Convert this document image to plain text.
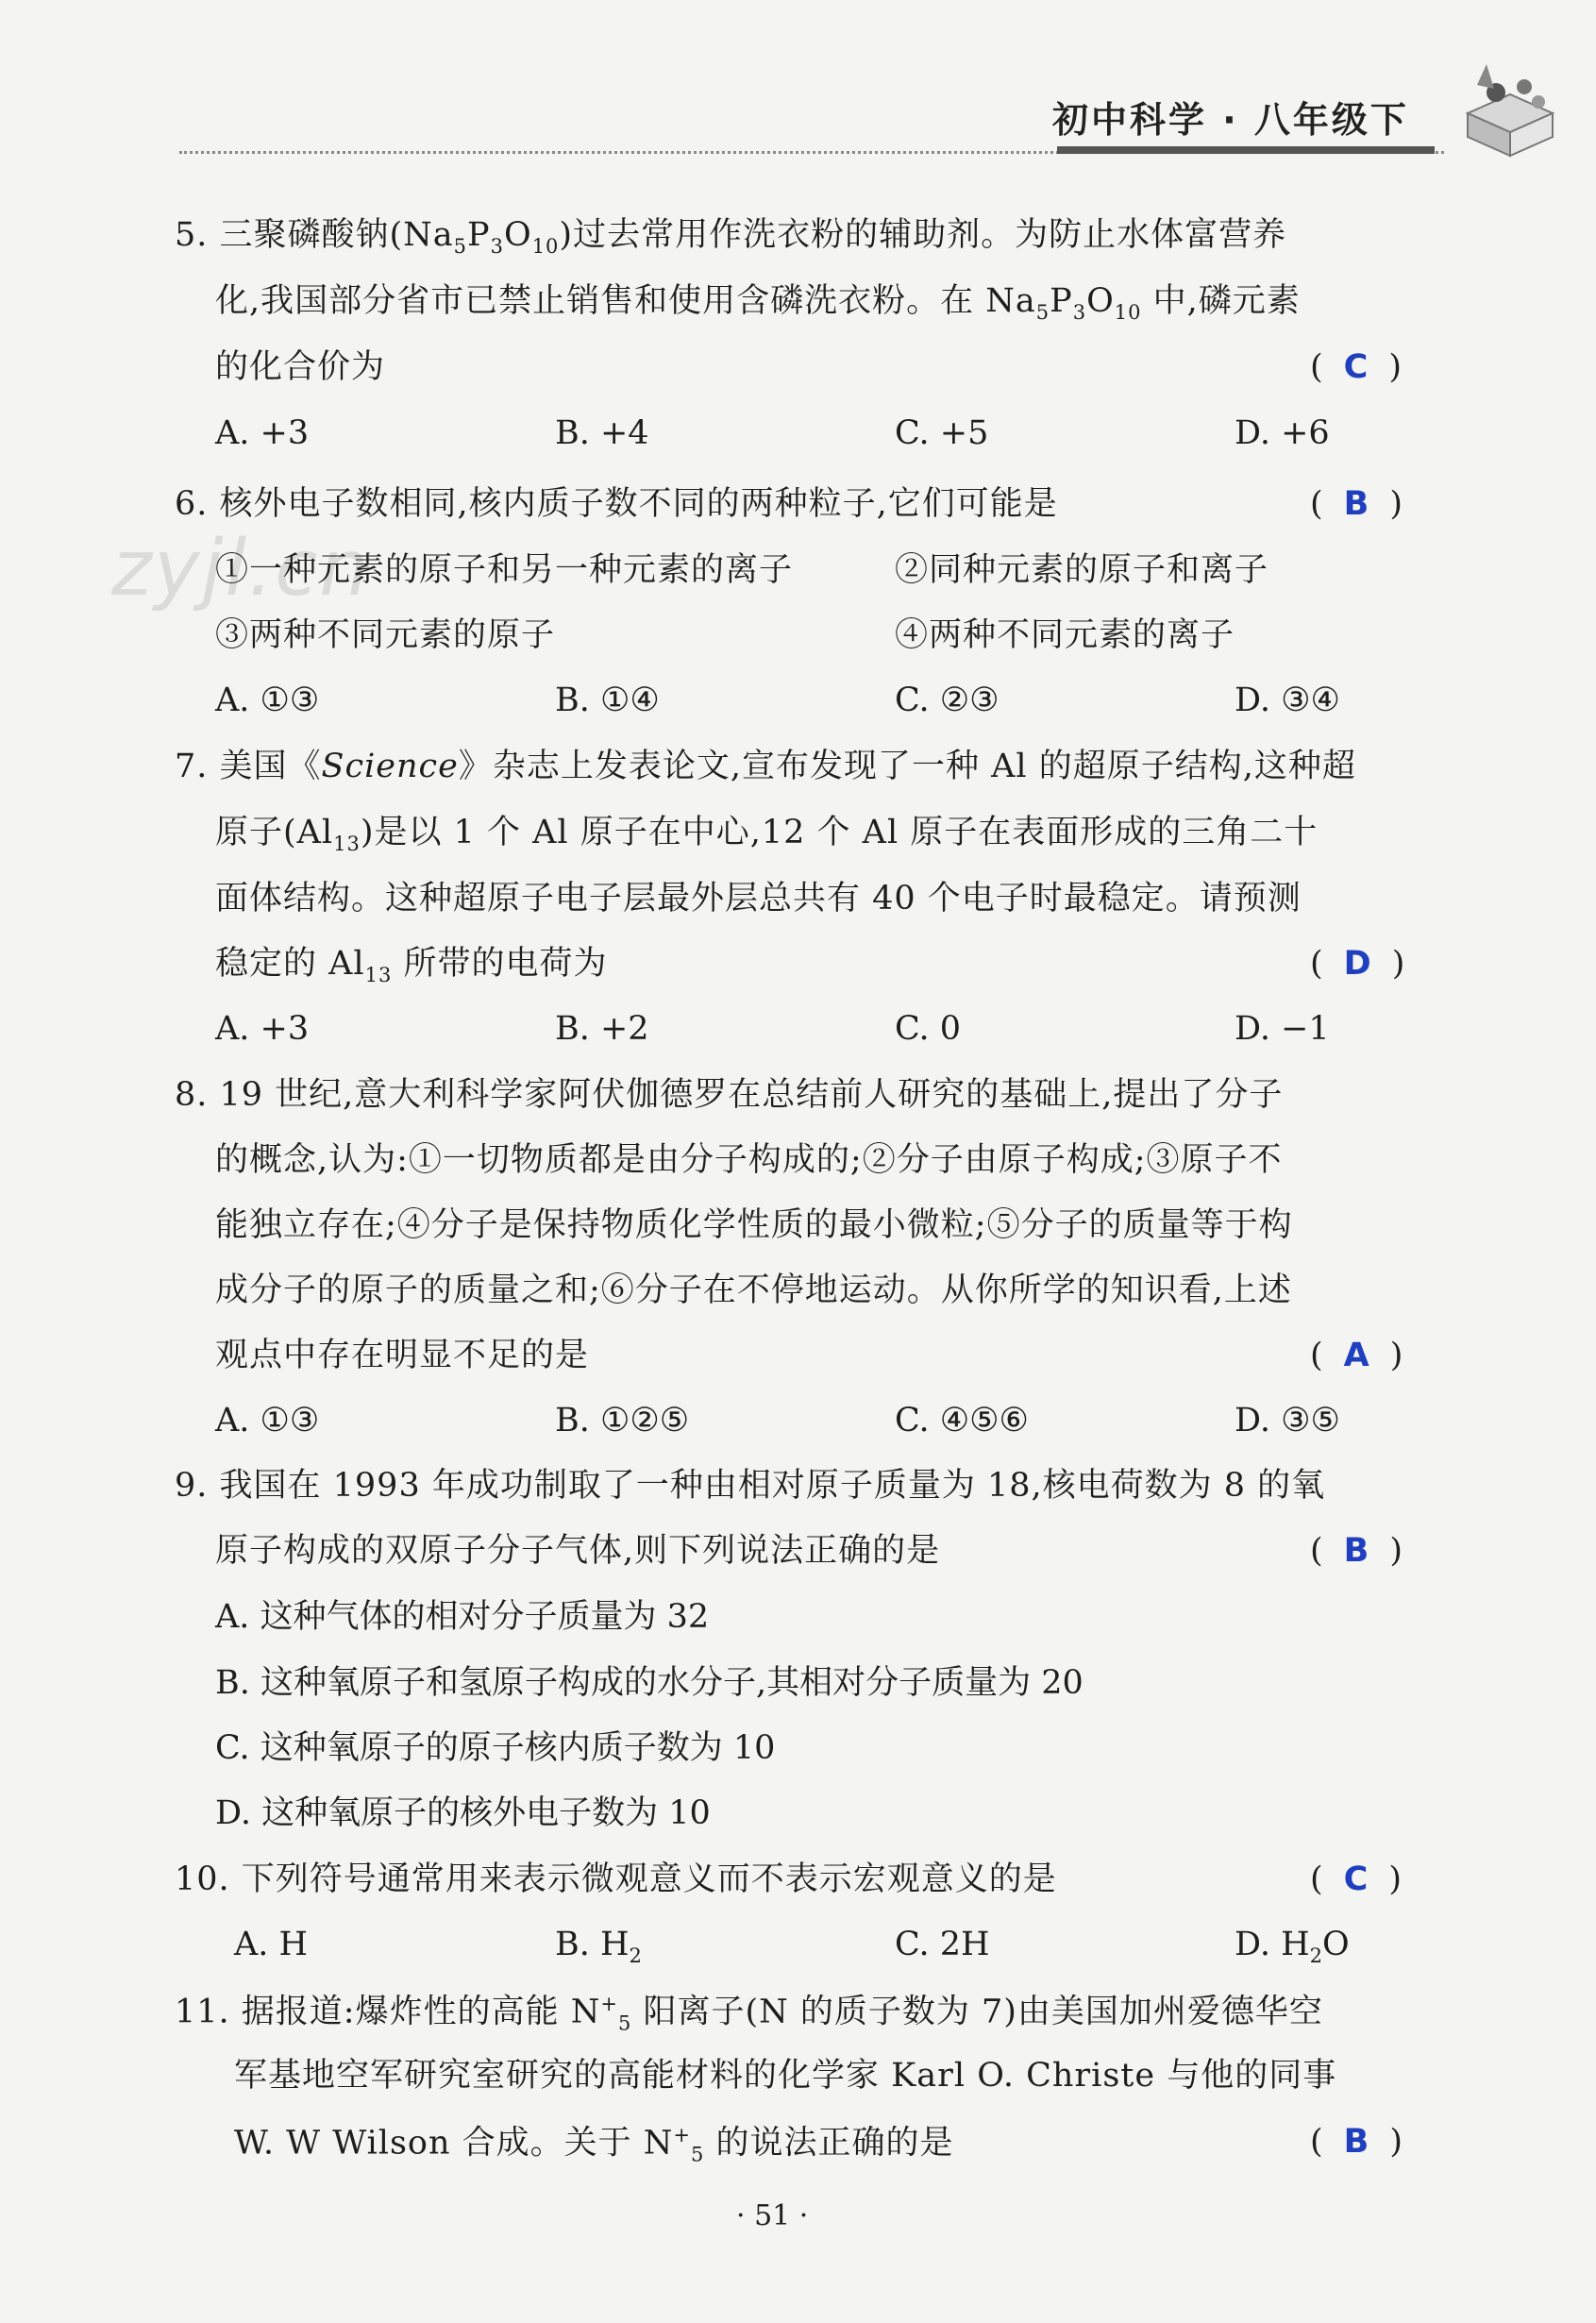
初中科学 · 八年级下
zyjl.cn
5. 三聚磷酸钠$(Na_5P_3O_{10})$过去常用作洗衣粉的辅助剂。为防止水体富营养
化,我国部分省市已禁止销售和使用含磷洗衣粉。在 $Na_5P_3O_{10}$ 中,磷元素
的化合价为	( C )
A. +3	B. +4	C. +5	D. +6
6. 核外电子数相同,核内质子数不同的两种粒子,它们可能是	( B )
①一种元素的原子和另一种元素的离子	②同种元素的原子和离子
③两种不同元素的原子	④两种不同元素的离子
A. ①③	B. ①④	C. ②③	D. ③④
7. 美国《Science》杂志上发表论文,宣布发现了一种 Al 的超原子结构,这种超
原子$(Al_{13})$是以 1 个 Al 原子在中心,12 个 Al 原子在表面形成的三角二十
面体结构。这种超原子电子层最外层总共有 40 个电子时最稳定。请预测
稳定的 $Al_{13}$ 所带的电荷为	( D )
A. +3	B. +2	C. 0	D. −1
8. 19 世纪,意大利科学家阿伏伽德罗在总结前人研究的基础上,提出了分子
的概念,认为:①一切物质都是由分子构成的;②分子由原子构成;③原子不
能独立存在;④分子是保持物质化学性质的最小微粒;⑤分子的质量等于构
成分子的原子的质量之和;⑥分子在不停地运动。从你所学的知识看,上述
观点中存在明显不足的是	( A )
A. ①③	B. ①②⑤	C. ④⑤⑥	D. ③⑤
9. 我国在 1993 年成功制取了一种由相对原子质量为 18,核电荷数为 8 的氧
原子构成的双原子分子气体,则下列说法正确的是	( B )
A. 这种气体的相对分子质量为 32
B. 这种氧原子和氢原子构成的水分子,其相对分子质量为 20
C. 这种氧原子的原子核内质子数为 10
D. 这种氧原子的核外电子数为 10
10. 下列符号通常用来表示微观意义而不表示宏观意义的是	( C )
A. H	B. $H_2$	C. 2H	D. $H_2O$
11. 据报道:爆炸性的高能 $N^+_5$ 阳离子(N 的质子数为 7)由美国加州爱德华空
军基地空军研究室研究的高能材料的化学家 Karl O. Christe 与他的同事
W. W Wilson 合成。关于 $N^+_5$ 的说法正确的是	( B )
· 51 ·
